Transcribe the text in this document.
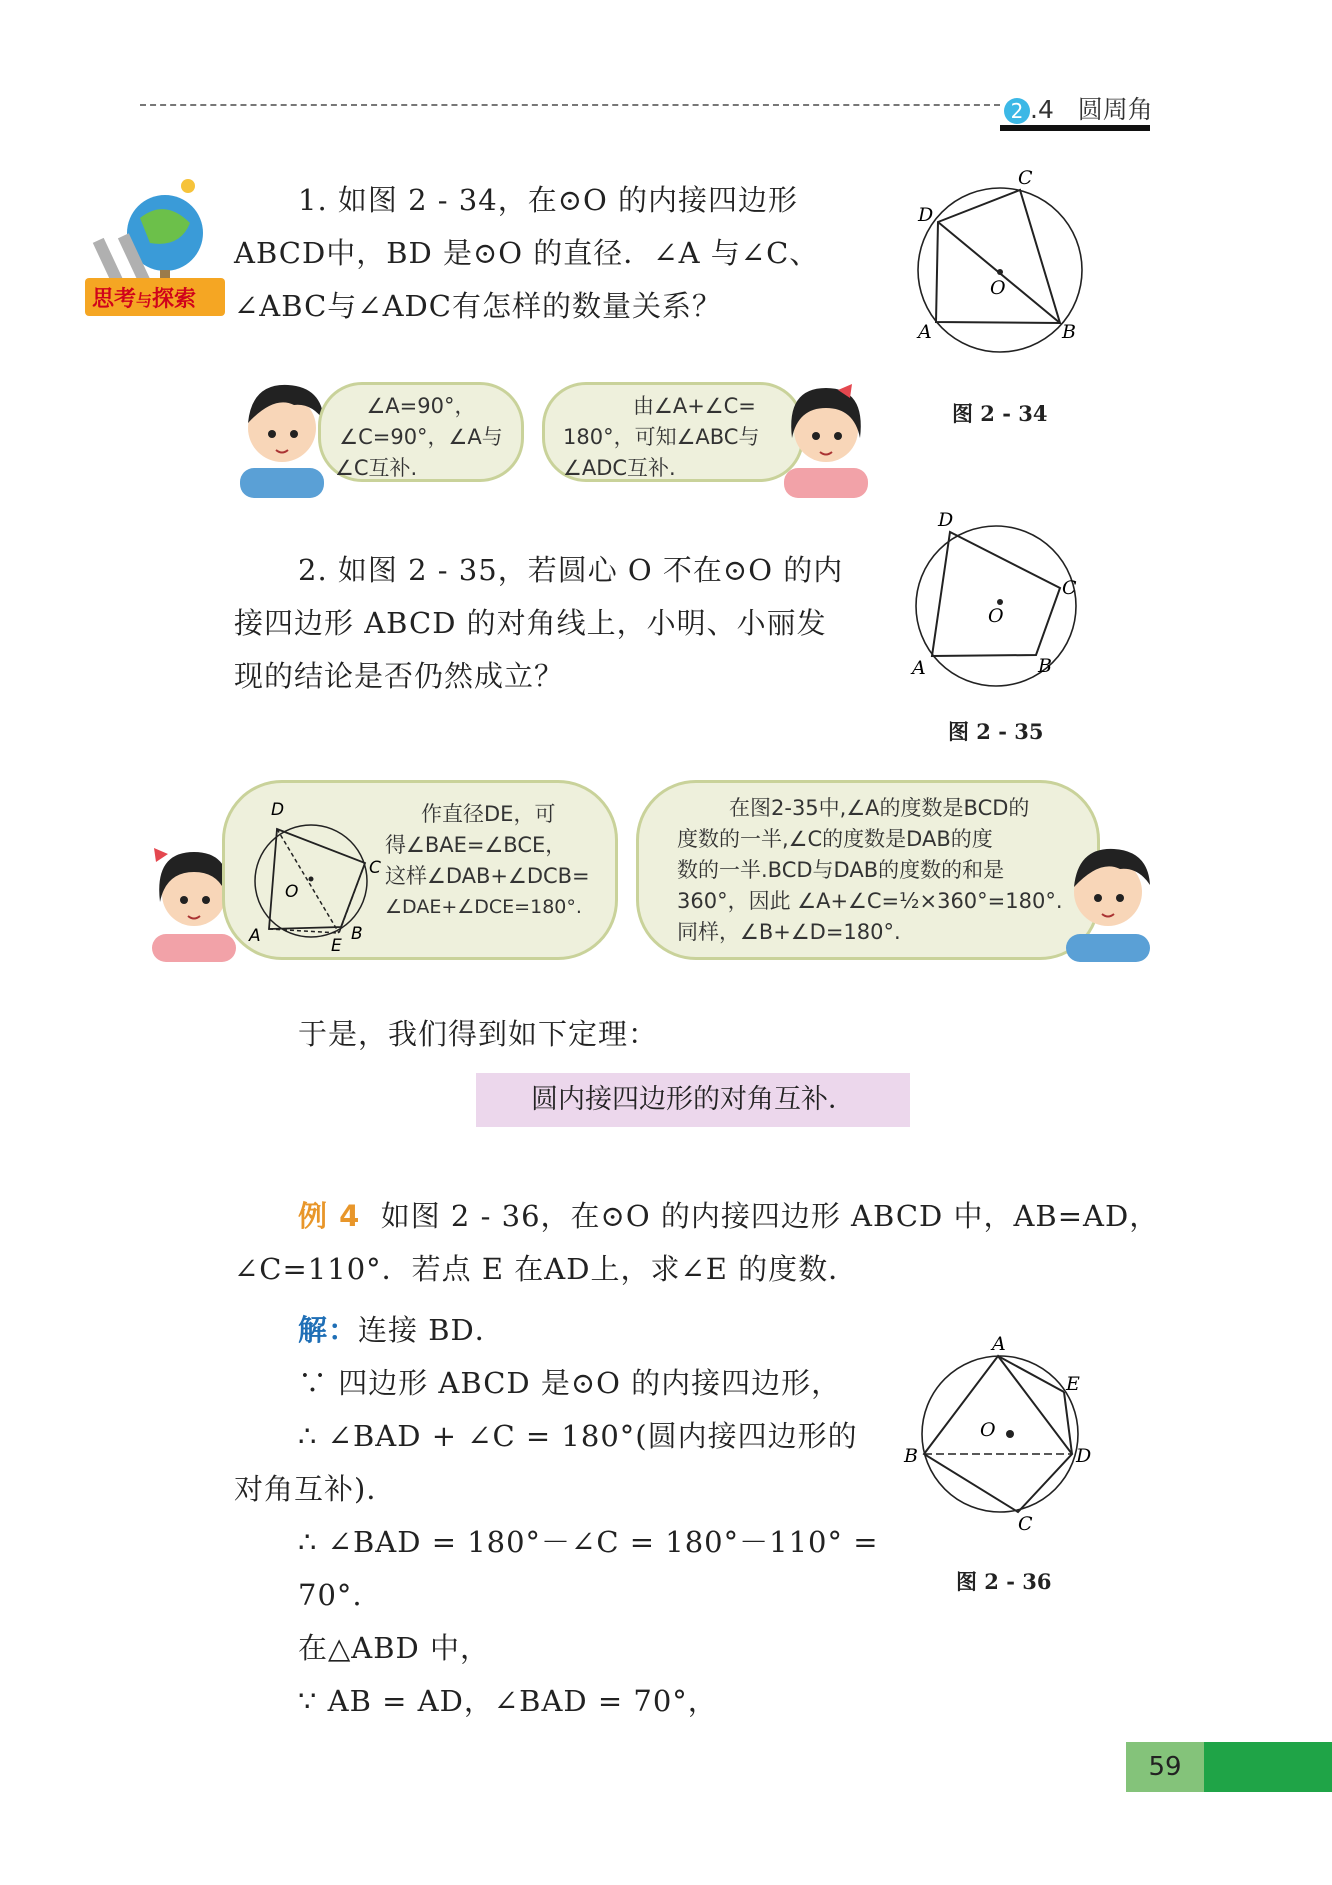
2 .4 圆周角
思考与探索
1. 如图 2 - 34，在⊙O 的内接四边形
ABCD中，BD 是⊙O 的直径．∠A 与∠C、
∠ABC与∠ADC有怎样的数量关系？
D
C
O
A	B
图 2 - 34
∠A=90°，
∠C=90°，∠A与
∠C互补.
由∠A+∠C=
180°，可知∠ABC与
∠ADC互补.
2. 如图 2 - 35，若圆心 O 不在⊙O 的内
接四边形 ABCD 的对角线上，小明、小丽发
现的结论是否仍然成立？
D
C
O
A	B
图 2 - 35
D
C
O
A	B
E
作直径DE，可
得∠BAE=∠BCE，
这样∠DAB+∠DCB=
∠DAE+∠DCE=180°.
在图2-35中,∠A的度数是BCD的
度数的一半,∠C的度数是DAB的度
数的一半.BCD与DAB的度数的和是
360°，因此 ∠A+∠C=½×360°=180°.
同样，∠B+∠D=180°.
于是，我们得到如下定理：
圆内接四边形的对角互补．
例 4 如图 2 - 36，在⊙O 的内接四边形 ABCD 中，AB=AD，
∠C=110°．若点 E 在AD上，求∠E 的度数．
解：连接 BD．
∵ 四边形 ABCD 是⊙O 的内接四边形，
∴ ∠BAD + ∠C = 180°(圆内接四边形的
对角互补)．
∴ ∠BAD = 180°－∠C = 180°－110° = 70°.
在△ABD 中，
∵ AB = AD，∠BAD = 70°，
A
E
O
B	D
C
图 2 - 36
59
